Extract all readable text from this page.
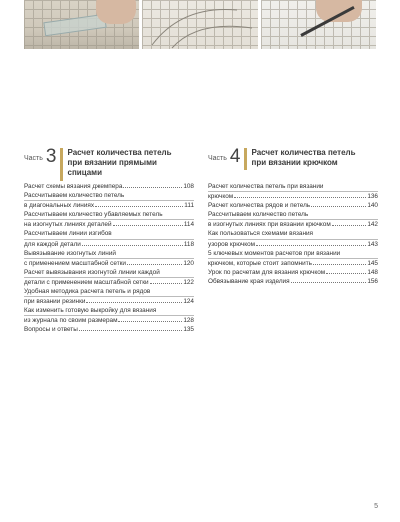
Часть 3 Расчет количества петель
при вязании прямыми
спицами
Часть 4 Расчет количества петель
при вязании крючком
Расчет схемы вязания джемпера	108
Рассчитываем количество петель
в диагональных линиях	111
Рассчитываем количество убавляемых петель
на изогнутых линиях деталей	114
Рассчитываем линии изгибов
для каждой детали	118
Вывязывание изогнутых линий
с применением масштабной сетки	120
Расчет вывязывания изогнутой линии каждой
детали с применением масштабной сетки	122
Удобная методика расчета петель и рядов
при вязании резинки	124
Как изменить готовую выкройку для вязания
из журнала по своим размерам	128
Вопросы и ответы	135
Расчет количества петель при вязании
крючком	136
Расчет количества рядов и петель	140
Рассчитываем количество петель
в изогнутых линиях при вязании крючком	142
Как пользоваться схемами вязания
узоров крючком	143
5 ключевых моментов расчетов при вязании
крючком, которые стоит запомнить	145
Урок по расчетам для вязания крючком	148
Обвязывание края изделия	156
5
